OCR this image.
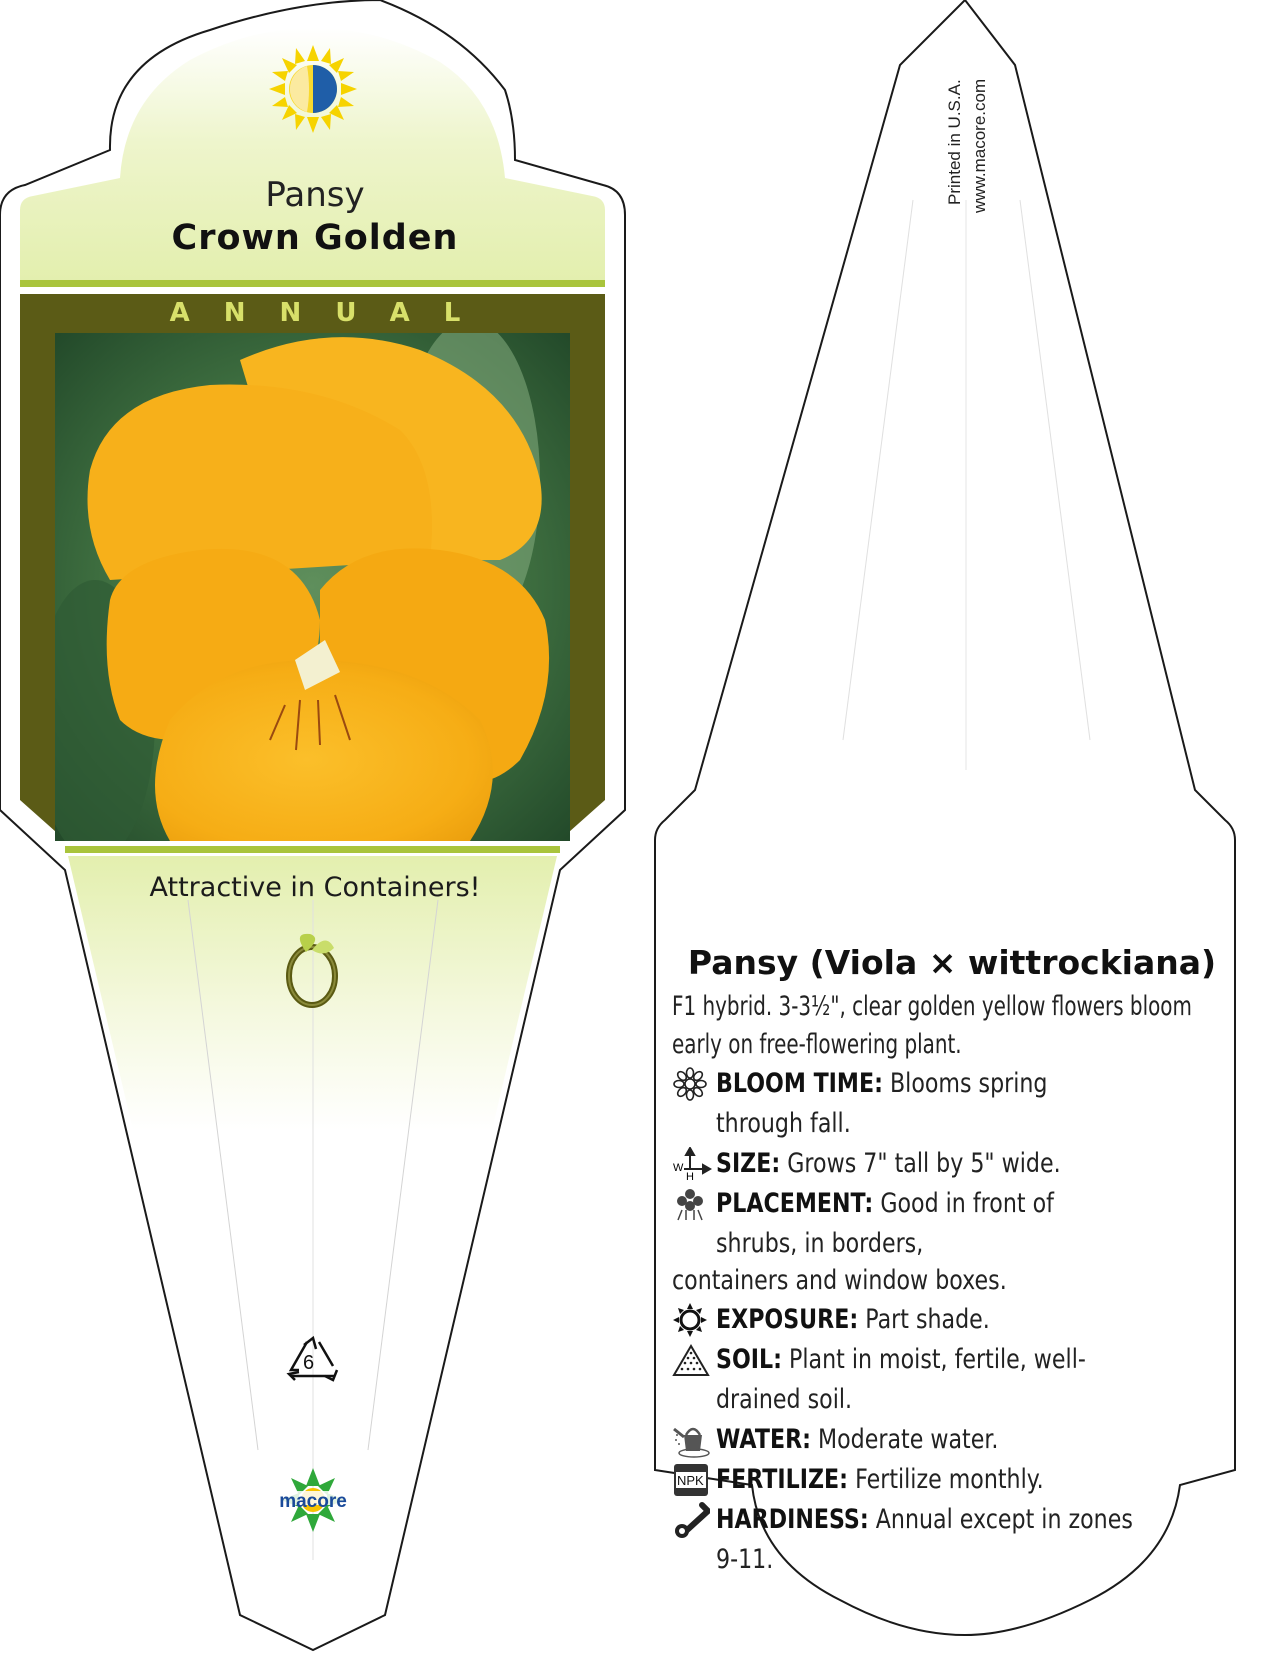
Pansy
Crown Golden
ANNUAL
Attractive in Containers!
6
macore
Printed in U.S.A. www.macore.com
Pansy (Viola × wittrockiana)
F1 hybrid. 3-3½", clear golden yellow flowers bloom early on free-flowering plant.
BLOOM TIME: Blooms spring through fall.
W
H SIZE: Grows 7" tall by 5" wide.
PLACEMENT: Good in front of shrubs, in borders,
containers and window boxes.
EXPOSURE: Part shade.
SOIL: Plant in moist, fertile, well-drained soil.
WATER: Moderate water.
NPK FERTILIZE: Fertilize monthly.
HARDINESS: Annual except in zones 9-11.
